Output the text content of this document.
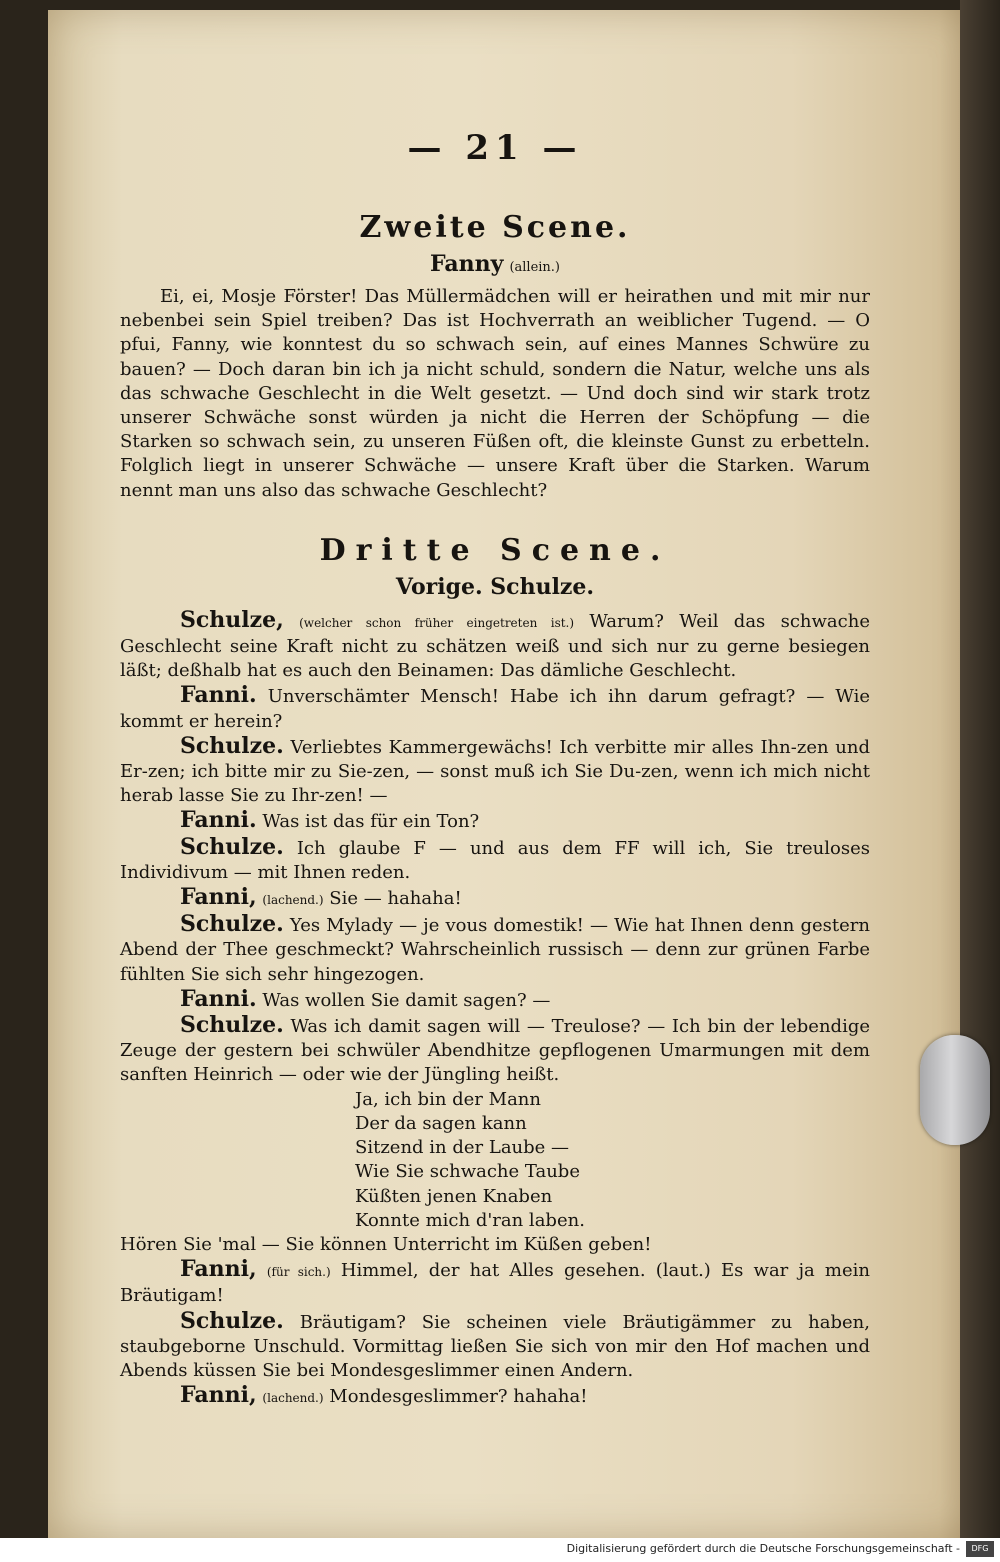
— 21 —
Zweite Scene.
Fanny (allein.)

Ei, ei, Mosje Förster! Das Müllermädchen will er heirathen und mit mir nur nebenbei sein Spiel treiben? Das ist Hochverrath an weiblicher Tugend. — O pfui, Fanny, wie konntest du so schwach sein, auf eines Mannes Schwüre zu bauen? — Doch daran bin ich ja nicht schuld, sondern die Natur, welche uns als das schwache Geschlecht in die Welt gesetzt. — Und doch sind wir stark trotz unserer Schwäche sonst würden ja nicht die Herren der Schöpfung — die Starken so schwach sein, zu unseren Füßen oft, die kleinste Gunst zu erbetteln. Folglich liegt in unserer Schwäche — unsere Kraft über die Starken. Warum nennt man uns also das schwache Geschlecht?

Dritte Scene.
Vorige. Schulze.

Schulze, (welcher schon früher eingetreten ist.) Warum? Weil das schwache Geschlecht seine Kraft nicht zu schätzen weiß und sich nur zu gerne besiegen läßt; deßhalb hat es auch den Beinamen: Das dämliche Geschlecht.

Fanni. Unverschämter Mensch! Habe ich ihn darum gefragt? — Wie kommt er herein?

Schulze. Verliebtes Kammergewächs! Ich verbitte mir alles Ihn-zen und Er-zen; ich bitte mir zu Sie-zen, — sonst muß ich Sie Du-zen, wenn ich mich nicht herab lasse Sie zu Ihr-zen! —

Fanni. Was ist das für ein Ton?

Schulze. Ich glaube F — und aus dem FF will ich, Sie treuloses Individivum — mit Ihnen reden.

Fanni, (lachend.) Sie — hahaha!

Schulze. Yes Mylady — je vous domestik! — Wie hat Ihnen denn gestern Abend der Thee geschmeckt? Wahrscheinlich russisch — denn zur grünen Farbe fühlten Sie sich sehr hingezogen.

Fanni. Was wollen Sie damit sagen? —

Schulze. Was ich damit sagen will — Treulose? — Ich bin der lebendige Zeuge der gestern bei schwüler Abendhitze gepflogenen Umarmungen mit dem sanften Heinrich — oder wie der Jüngling heißt.

Ja, ich bin der Mann
Der da sagen kann
Sitzend in der Laube —
Wie Sie schwache Taube
Küßten jenen Knaben
Konnte mich d'ran laben.

Hören Sie 'mal — Sie können Unterricht im Küßen geben!

Fanni, (für sich.) Himmel, der hat Alles gesehen. (laut.) Es war ja mein Bräutigam!

Schulze. Bräutigam? Sie scheinen viele Bräutigämmer zu haben, staubgeborne Unschuld. Vormittag ließen Sie sich von mir den Hof machen und Abends küssen Sie bei Mondesgeslimmer einen Andern.

Fanni, (lachend.) Mondesgeslimmer? hahaha!

Digitalisierung gefördert durch die Deutsche Forschungsgemeinschaft -	DFG
